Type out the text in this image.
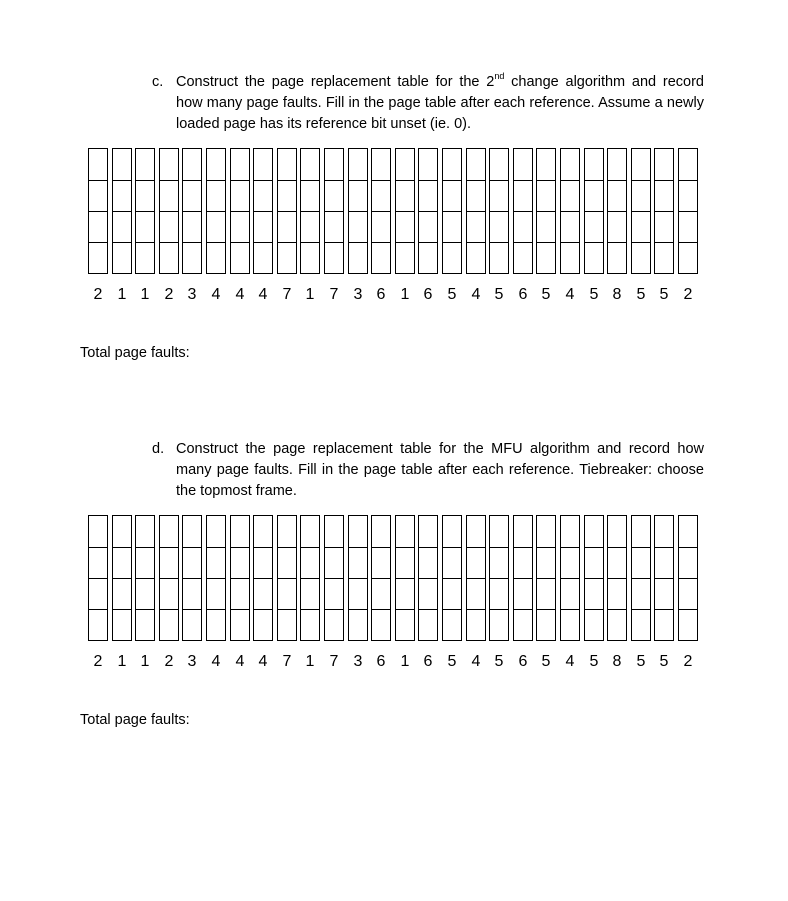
c. Construct the page replacement table for the 2nd change algorithm and record how many page faults. Fill in the page table after each reference. Assume a newly loaded page has its reference bit unset (ie. 0).
2 1 1 2 3 4 4 4 7 1 7 3 6 1 6 5 4 5 6 5 4 5 8 5 5 2
Total page faults:
d. Construct the page replacement table for the MFU algorithm and record how many page faults. Fill in the page table after each reference. Tiebreaker: choose the topmost frame.
2 1 1 2 3 4 4 4 7 1 7 3 6 1 6 5 4 5 6 5 4 5 8 5 5 2
Total page faults:
